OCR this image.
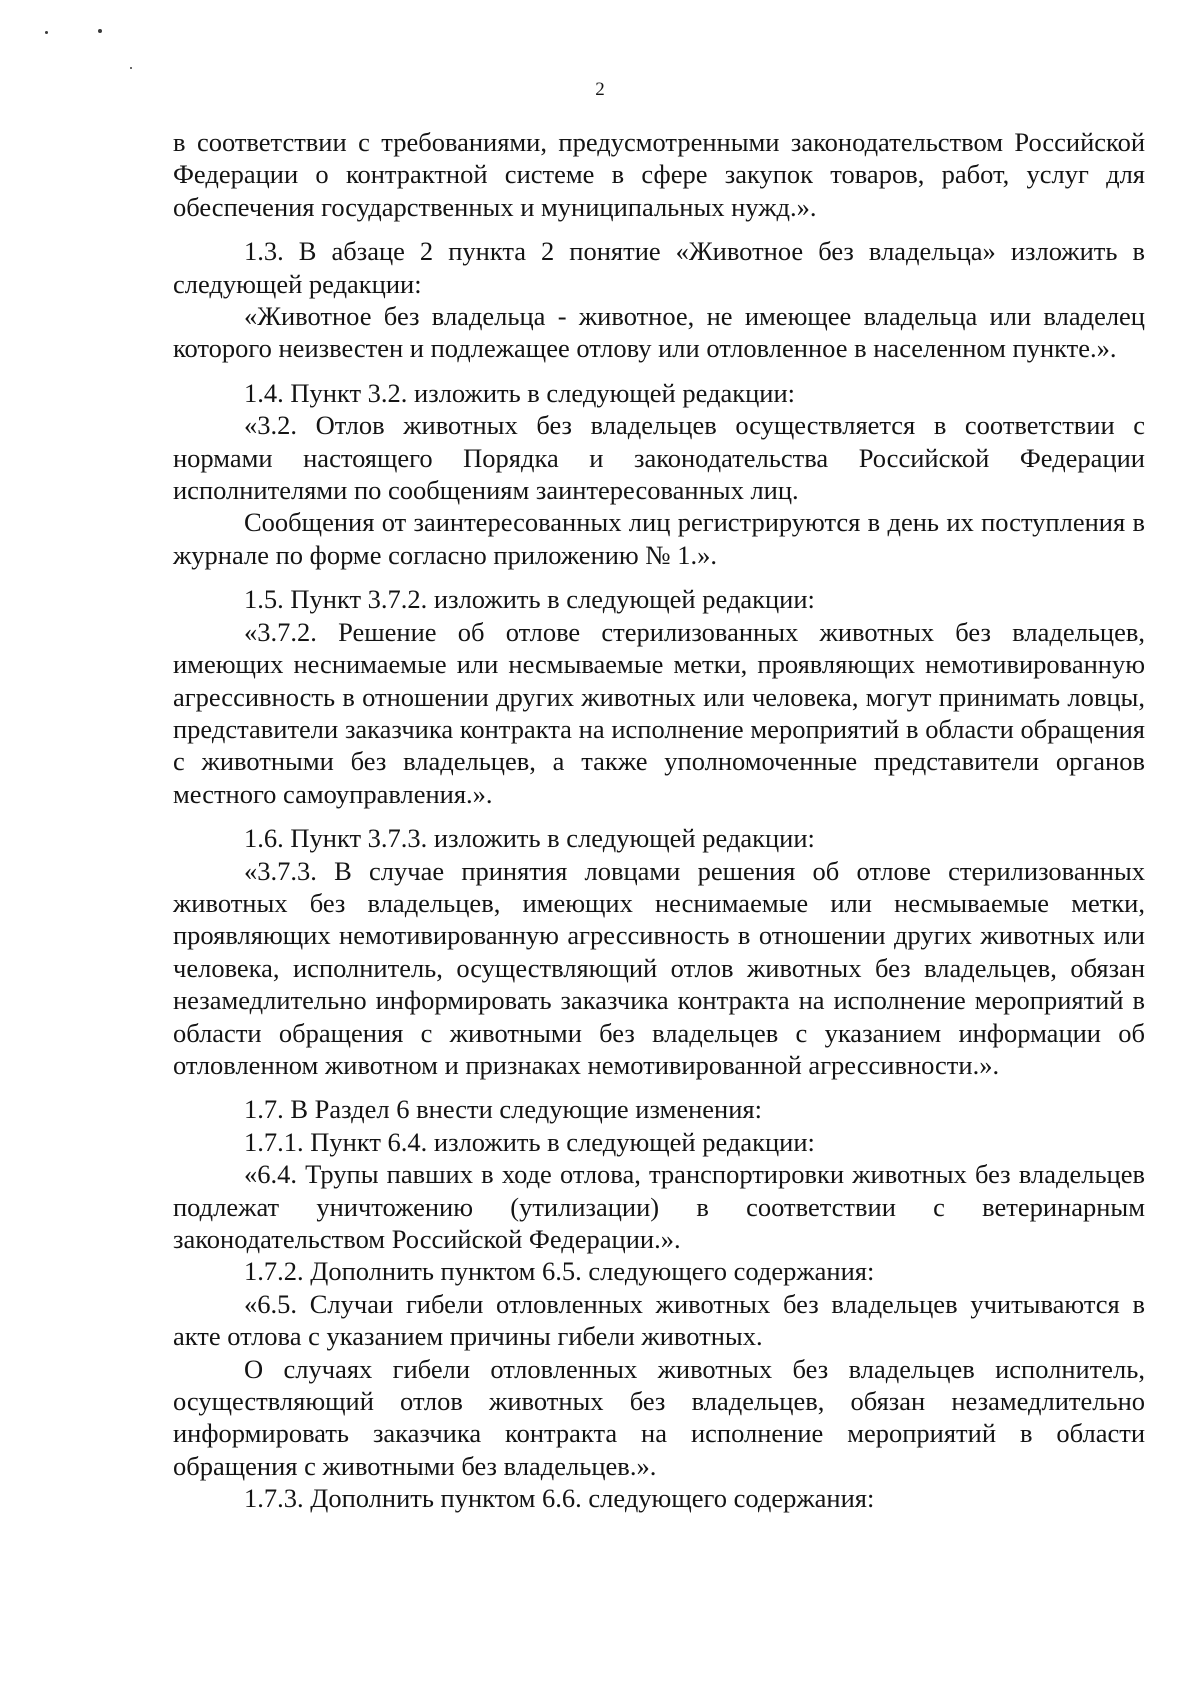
2

в соответствии с требованиями, предусмотренными законодательством Российской Федерации о контрактной системе в сфере закупок товаров, работ, услуг для обеспечения государственных и муниципальных нужд.».

1.3. В абзаце 2 пункта 2 понятие «Животное без владельца» изложить в следующей редакции:

«Животное без владельца - животное, не имеющее владельца или владелец которого неизвестен и подлежащее отлову или отловленное в населенном пункте.».

1.4. Пункт 3.2. изложить в следующей редакции:

«3.2. Отлов животных без владельцев осуществляется в соответствии с нормами настоящего Порядка и законодательства Российской Федерации исполнителями по сообщениям заинтересованных лиц.

Сообщения от заинтересованных лиц регистрируются в день их поступления в журнале по форме согласно приложению № 1.».

1.5. Пункт 3.7.2. изложить в следующей редакции:

«3.7.2. Решение об отлове стерилизованных животных без владельцев, имеющих неснимаемые или несмываемые метки, проявляющих немотивированную агрессивность в отношении других животных или человека, могут принимать ловцы, представители заказчика контракта на исполнение мероприятий в области обращения с животными без владельцев, а также уполномоченные представители органов местного самоуправления.».

1.6. Пункт 3.7.3. изложить в следующей редакции:

«3.7.3. В случае принятия ловцами решения об отлове стерилизованных животных без владельцев, имеющих неснимаемые или несмываемые метки, проявляющих немотивированную агрессивность в отношении других животных или человека, исполнитель, осуществляющий отлов животных без владельцев, обязан незамедлительно информировать заказчика контракта на исполнение мероприятий в области обращения с животными без владельцев с указанием информации об отловленном животном и признаках немотивированной агрессивности.».

1.7. В Раздел 6 внести следующие изменения:

1.7.1. Пункт 6.4. изложить в следующей редакции:

«6.4. Трупы павших в ходе отлова, транспортировки животных без владельцев подлежат уничтожению (утилизации) в соответствии с ветеринарным законодательством Российской Федерации.».

1.7.2. Дополнить пунктом 6.5. следующего содержания:

«6.5. Случаи гибели отловленных животных без владельцев учитываются в акте отлова с указанием причины гибели животных.

О случаях гибели отловленных животных без владельцев исполнитель, осуществляющий отлов животных без владельцев, обязан незамедлительно информировать заказчика контракта на исполнение мероприятий в области обращения с животными без владельцев.».

1.7.3. Дополнить пунктом 6.6. следующего содержания:
